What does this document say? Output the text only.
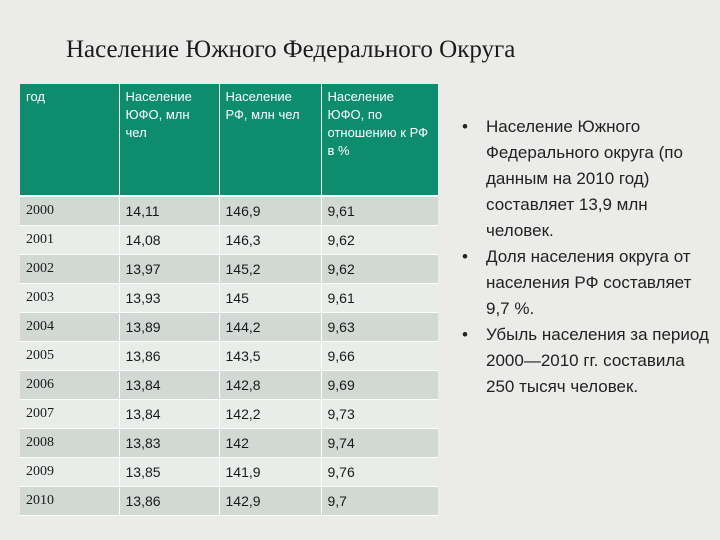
Население Южного Федерального Округа
год	Население ЮФО, млн чел	Население РФ, млн чел	Население ЮФО, по отношению к РФ в %
2000	14,11	146,9	9,61
2001	14,08	146,3	9,62
2002	13,97	145,2	9,62
2003	13,93	145	9,61
2004	13,89	144,2	9,63
2005	13,86	143,5	9,66
2006	13,84	142,8	9,69
2007	13,84	142,2	9,73
2008	13,83	142	9,74
2009	13,85	141,9	9,76
2010	13,86	142,9	9,7
• Население Южного Федерального округа (по данным на 2010 год) составляет 13,9 млн человек.
• Доля населения округа от населения РФ составляет 9,7 %.
• Убыль населения за период 2000—2010 гг. составила 250 тысяч человек.
